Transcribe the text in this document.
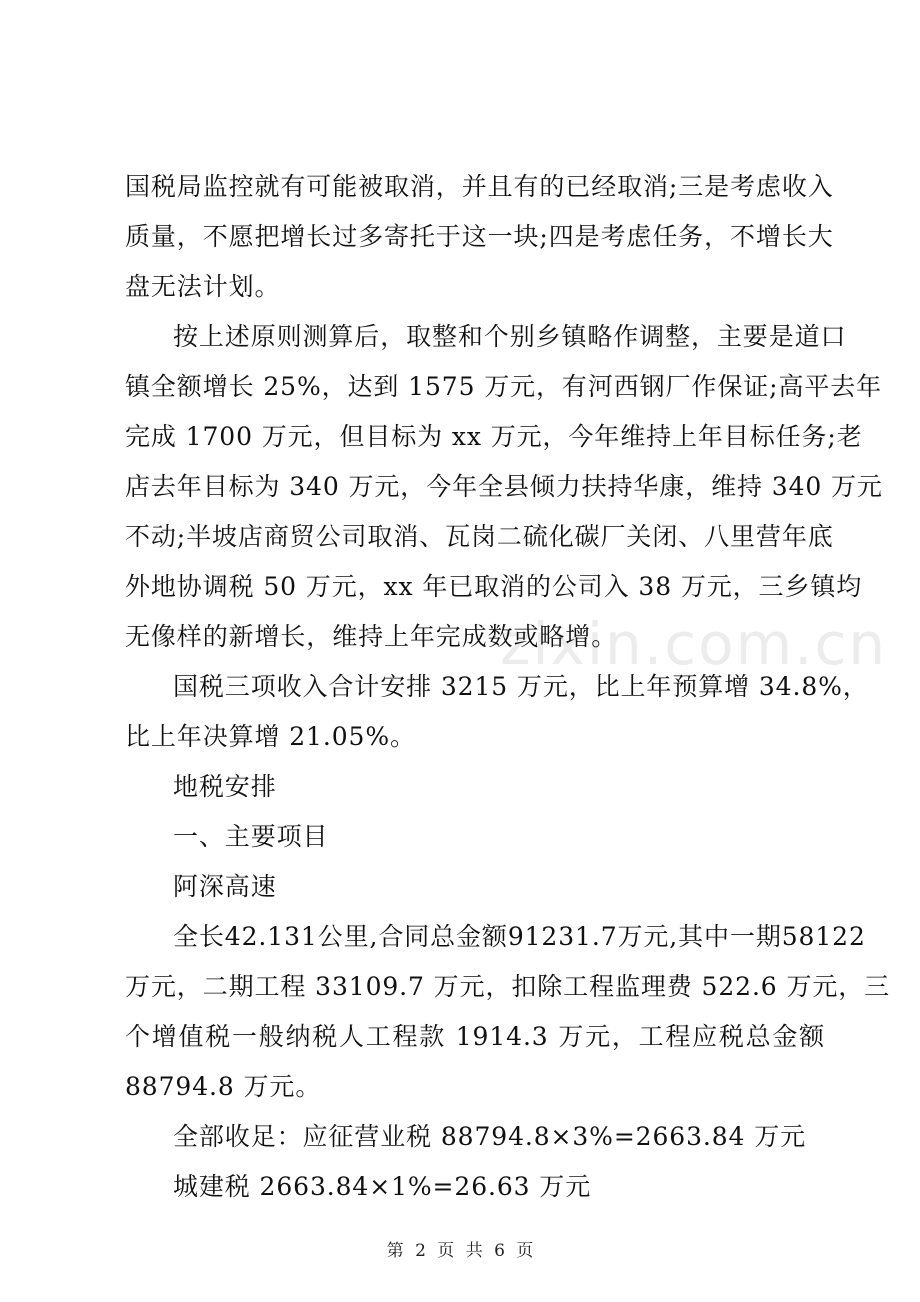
zixin.com.cn
国税局监控就有可能被取消，并且有的已经取消;三是考虑收入
质量，不愿把增长过多寄托于这一块;四是考虑任务，不增长大
盘无法计划。
按上述原则测算后，取整和个别乡镇略作调整，主要是道口
镇全额增长 25%，达到 1575 万元，有河西钢厂作保证;高平去年
完成 1700 万元，但目标为 xx 万元，今年维持上年目标任务;老
店去年目标为 340 万元，今年全县倾力扶持华康，维持 340 万元
不动;半坡店商贸公司取消、瓦岗二硫化碳厂关闭、八里营年底
外地协调税 50 万元，xx 年已取消的公司入 38 万元，三乡镇均
无像样的新增长，维持上年完成数或略增。
国税三项收入合计安排 3215 万元，比上年预算增 34.8%，
比上年决算增 21.05%。
地税安排
一、主要项目
阿深高速
全长42.131公里,合同总金额91231.7万元,其中一期58122
万元，二期工程 33109.7 万元，扣除工程监理费 522.6 万元，三
个增值税一般纳税人工程款 1914.3 万元，工程应税总金额
88794.8 万元。
全部收足：应征营业税 88794.8×3%=2663.84 万元
城建税 2663.84×1%=26.63 万元
第 2 页 共 6 页
